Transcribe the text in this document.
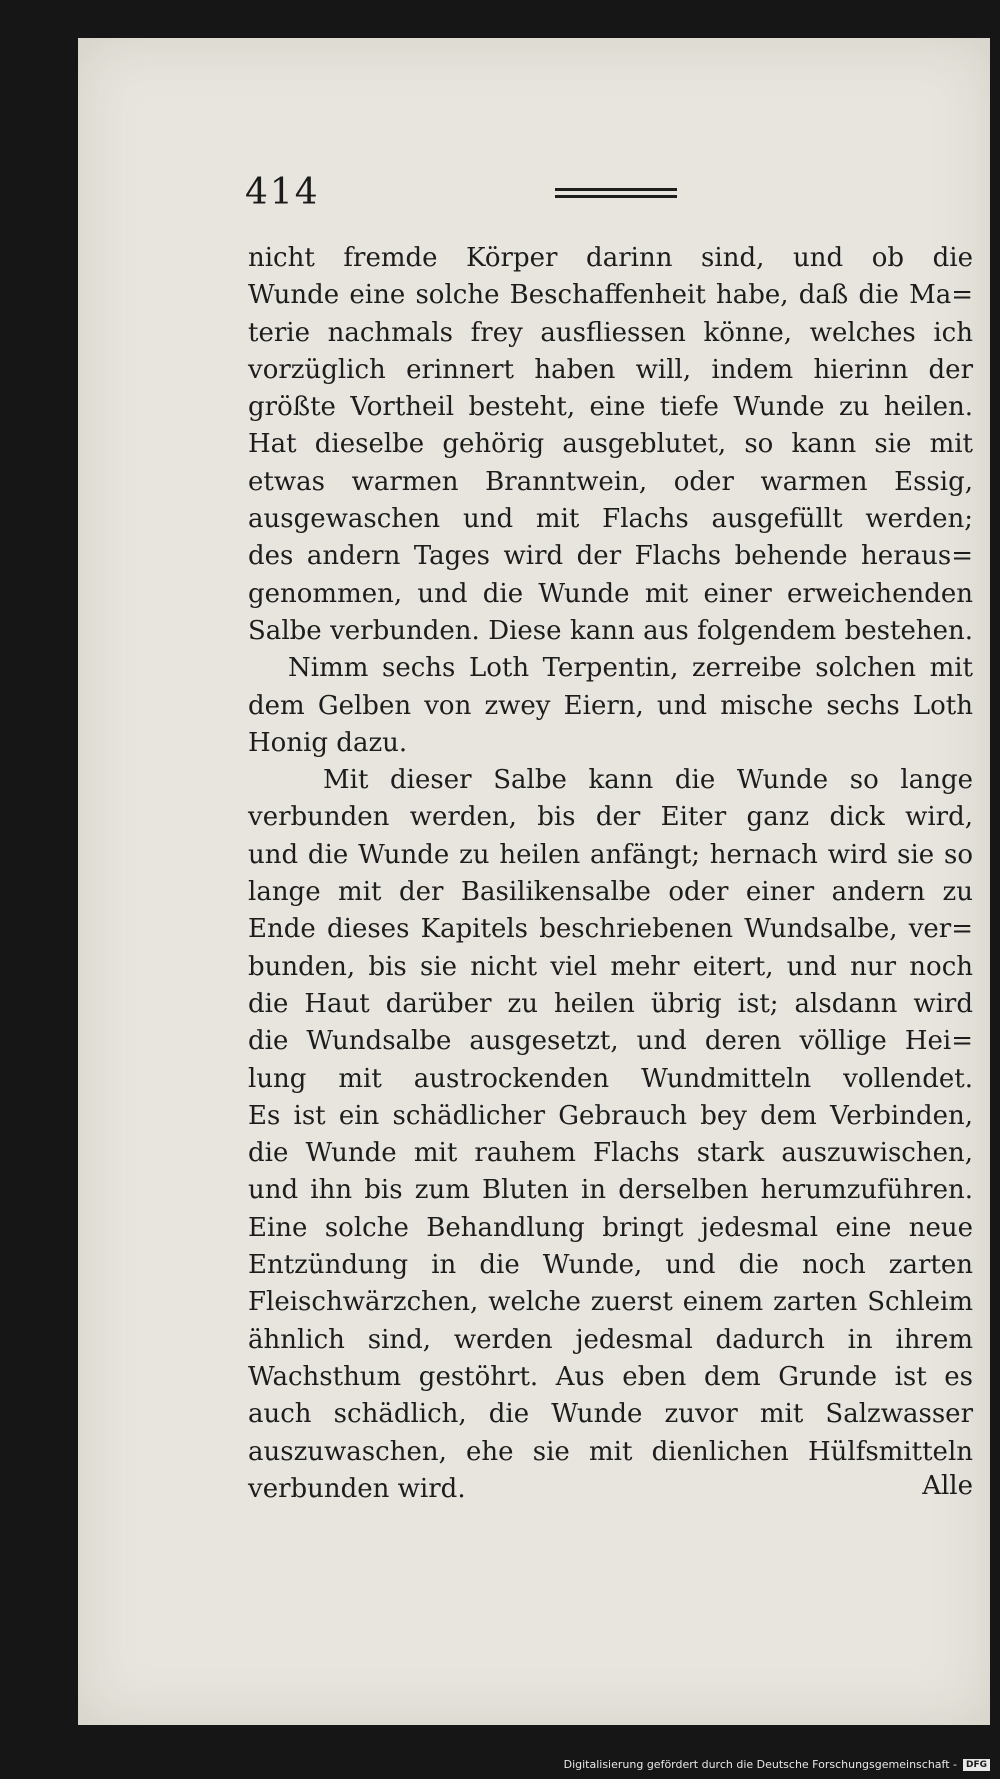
414
nicht fremde Körper darinn sind, und ob die
Wunde eine solche Beschaffenheit habe, daß die Ma=
terie nachmals frey ausfliessen könne, welches ich
vorzüglich erinnert haben will, indem hierinn der
größte Vortheil besteht, eine tiefe Wunde zu heilen.
Hat dieselbe gehörig ausgeblutet, so kann sie mit
etwas warmen Branntwein, oder warmen Essig,
ausgewaschen und mit Flachs ausgefüllt werden;
des andern Tages wird der Flachs behende heraus=
genommen, und die Wunde mit einer erweichenden
Salbe verbunden. Diese kann aus folgendem bestehen.
Nimm sechs Loth Terpentin, zerreibe solchen mit
dem Gelben von zwey Eiern, und mische sechs Loth
Honig dazu.
Mit dieser Salbe kann die Wunde so lange
verbunden werden, bis der Eiter ganz dick wird,
und die Wunde zu heilen anfängt; hernach wird sie so
lange mit der Basilikensalbe oder einer andern zu
Ende dieses Kapitels beschriebenen Wundsalbe, ver=
bunden, bis sie nicht viel mehr eitert, und nur noch
die Haut darüber zu heilen übrig ist; alsdann wird
die Wundsalbe ausgesetzt, und deren völlige Hei=
lung mit austrockenden Wundmitteln vollendet.
Es ist ein schädlicher Gebrauch bey dem Verbinden,
die Wunde mit rauhem Flachs stark auszuwischen,
und ihn bis zum Bluten in derselben herumzuführen.
Eine solche Behandlung bringt jedesmal eine neue
Entzündung in die Wunde, und die noch zarten
Fleischwärzchen, welche zuerst einem zarten Schleim
ähnlich sind, werden jedesmal dadurch in ihrem
Wachsthum gestöhrt. Aus eben dem Grunde ist es
auch schädlich, die Wunde zuvor mit Salzwasser
auszuwaschen, ehe sie mit dienlichen Hülfsmitteln
verbunden wird.	Alle
Digitalisierung gefördert durch die Deutsche Forschungsgemeinschaft -	DFG
